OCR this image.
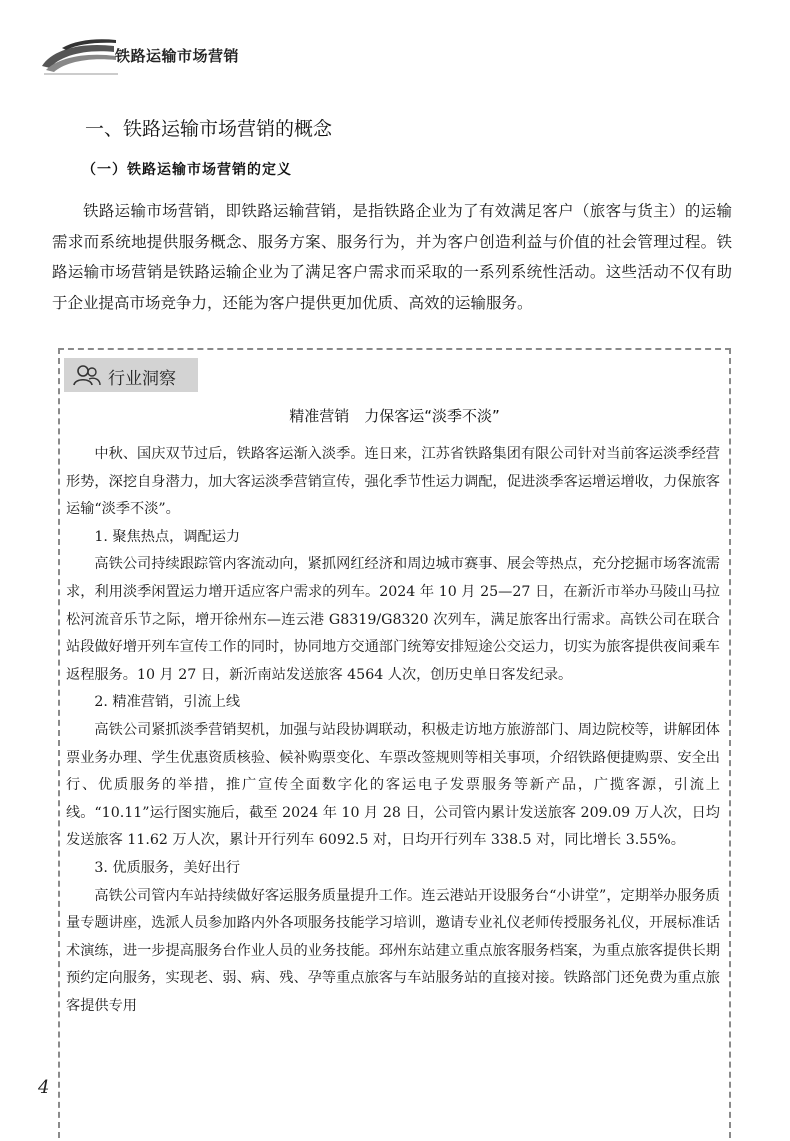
铁路运输市场营销
一、铁路运输市场营销的概念
（一）铁路运输市场营销的定义

铁路运输市场营销，即铁路运输营销，是指铁路企业为了有效满足客户（旅客与货主）的运输需求而系统地提供服务概念、服务方案、服务行为，并为客户创造利益与价值的社会管理过程。铁路运输市场营销是铁路运输企业为了满足客户需求而采取的一系列系统性活动。这些活动不仅有助于企业提高市场竞争力，还能为客户提供更加优质、高效的运输服务。

行业洞察
精准营销　力保客运“淡季不淡”

中秋、国庆双节过后，铁路客运渐入淡季。连日来，江苏省铁路集团有限公司针对当前客运淡季经营形势，深挖自身潜力，加大客运淡季营销宣传，强化季节性运力调配，促进淡季客运增运增收，力保旅客运输“淡季不淡”。

1. 聚焦热点，调配运力

高铁公司持续跟踪管内客流动向，紧抓网红经济和周边城市赛事、展会等热点，充分挖掘市场客流需求，利用淡季闲置运力增开适应客户需求的列车。2024 年 10 月 25—27 日，在新沂市举办马陵山马拉松河流音乐节之际，增开徐州东—连云港 G8319/G8320 次列车，满足旅客出行需求。高铁公司在联合站段做好增开列车宣传工作的同时，协同地方交通部门统筹安排短途公交运力，切实为旅客提供夜间乘车返程服务。10 月 27 日，新沂南站发送旅客 4564 人次，创历史单日客发纪录。

2. 精准营销，引流上线

高铁公司紧抓淡季营销契机，加强与站段协调联动，积极走访地方旅游部门、周边院校等，讲解团体票业务办理、学生优惠资质核验、候补购票变化、车票改签规则等相关事项，介绍铁路便捷购票、安全出行、优质服务的举措，推广宣传全面数字化的客运电子发票服务等新产品，广揽客源，引流上线。“10.11”运行图实施后，截至 2024 年 10 月 28 日，公司管内累计发送旅客 209.09 万人次，日均发送旅客 11.62 万人次，累计开行列车 6092.5 对，日均开行列车 338.5 对，同比增长 3.55%。

3. 优质服务，美好出行

高铁公司管内车站持续做好客运服务质量提升工作。连云港站开设服务台“小讲堂”，定期举办服务质量专题讲座，选派人员参加路内外各项服务技能学习培训，邀请专业礼仪老师传授服务礼仪，开展标准话术演练，进一步提高服务台作业人员的业务技能。邳州东站建立重点旅客服务档案，为重点旅客提供长期预约定向服务，实现老、弱、病、残、孕等重点旅客与车站服务站的直接对接。铁路部门还免费为重点旅客提供专用

4
